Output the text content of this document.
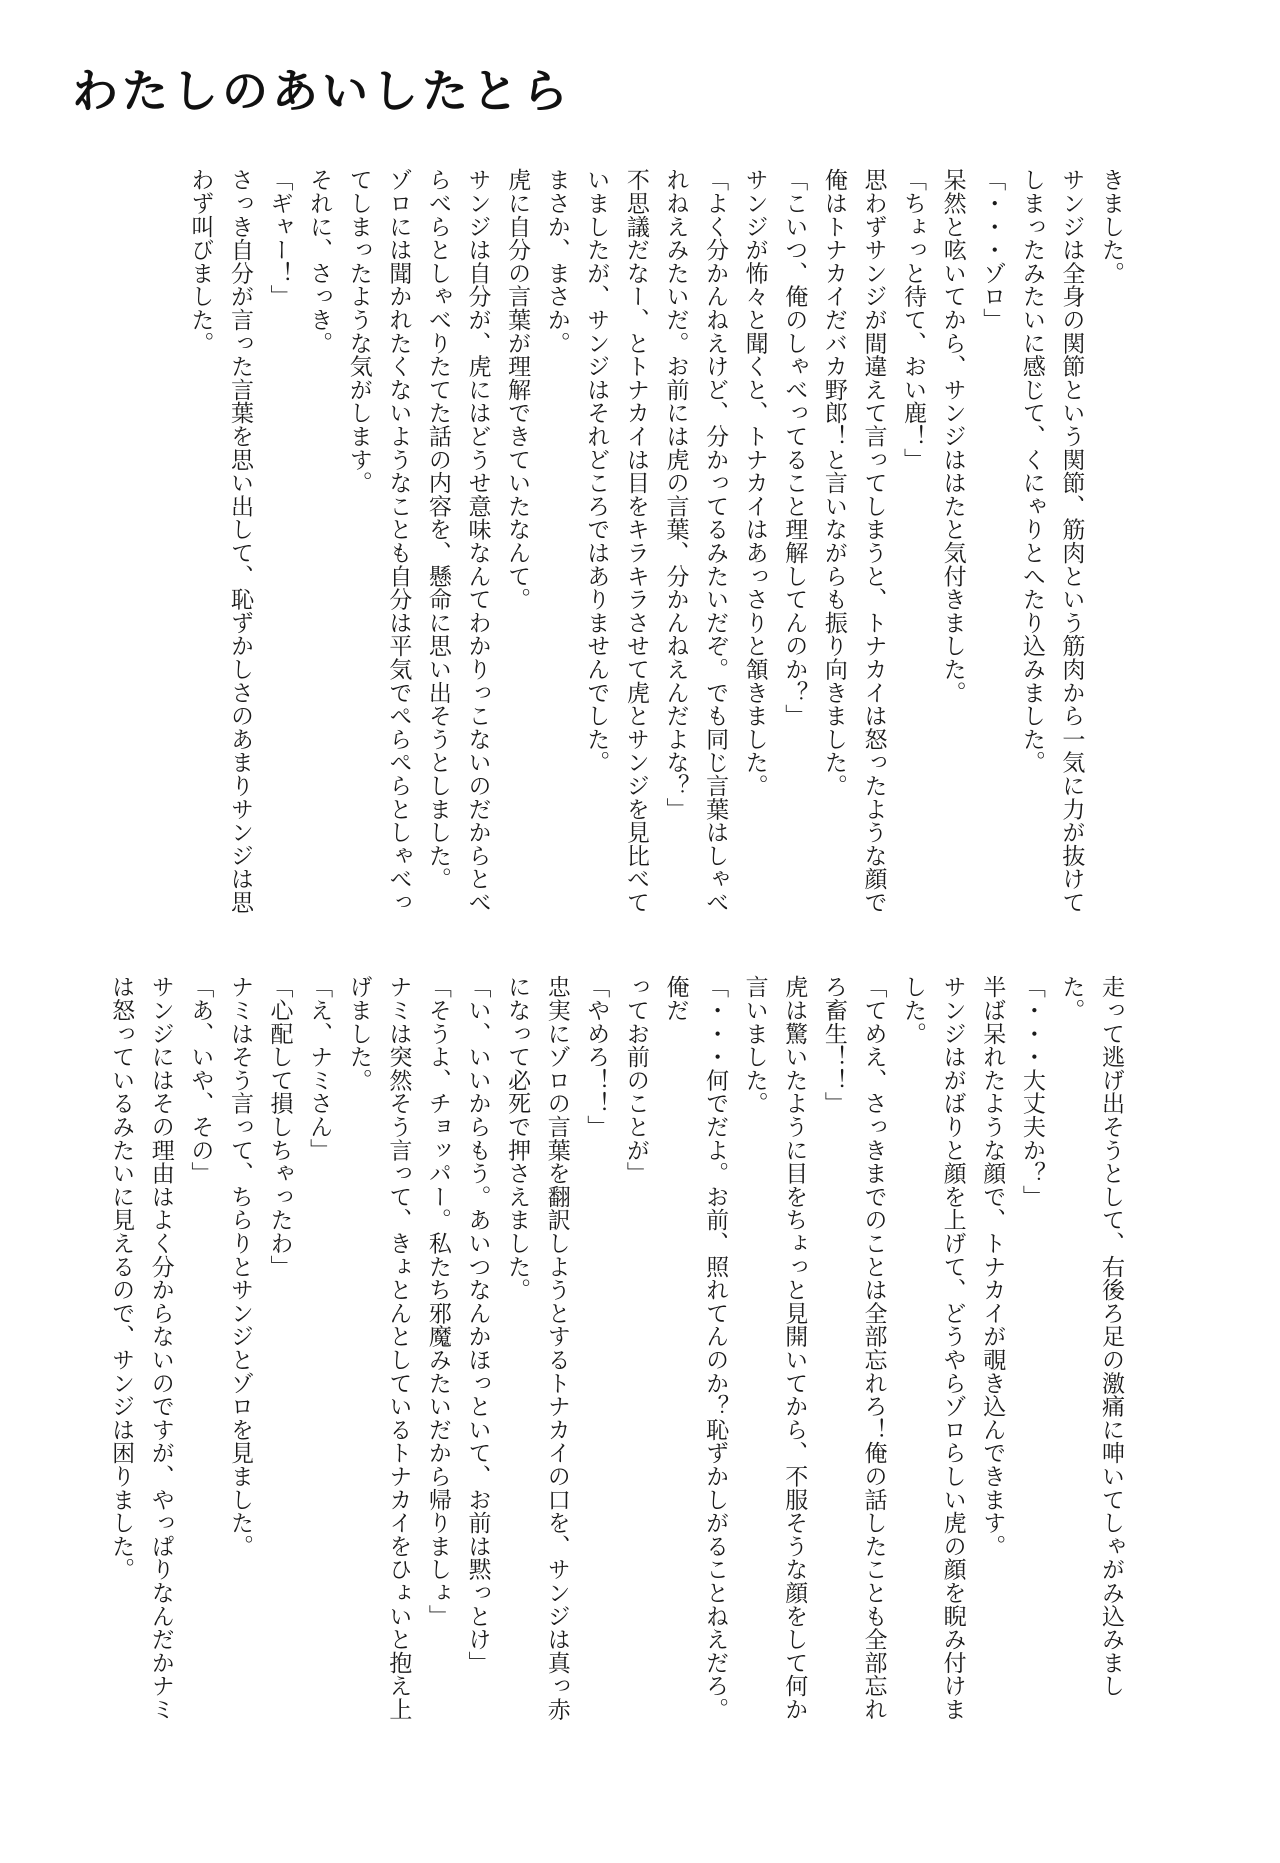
わたしのあいしたとら

きました。

サンジは全身の関節という関節、筋肉という筋肉から一気に力が抜けて

しまったみたいに感じて、くにゃりとへたり込みました。

「・・・ゾロ」

呆然と呟いてから、サンジははたと気付きました。

「ちょっと待て、おい鹿！」

思わずサンジが間違えて言ってしまうと、トナカイは怒ったような顔で

俺はトナカイだバカ野郎！と言いながらも振り向きました。

「こいつ、俺のしゃべってること理解してんのか？」

サンジが怖々と聞くと、トナカイはあっさりと頷きました。

「よく分かんねえけど、分かってるみたいだぞ。でも同じ言葉はしゃべ

れねえみたいだ。お前には虎の言葉、分かんねえんだよな？」

不思議だなー、とトナカイは目をキラキラさせて虎とサンジを見比べて

いましたが、サンジはそれどころではありませんでした。

まさか、まさか。

虎に自分の言葉が理解できていたなんて。

サンジは自分が、虎にはどうせ意味なんてわかりっこないのだからとべ

らべらとしゃべりたてた話の内容を、懸命に思い出そうとしました。

ゾロには聞かれたくないようなことも自分は平気でぺらぺらとしゃべっ

てしまったような気がします。

それに、さっき。

「ギャー！」

さっき自分が言った言葉を思い出して、恥ずかしさのあまりサンジは思

わず叫びました。

走って逃げ出そうとして、右後ろ足の激痛に呻いてしゃがみ込みました。

「・・・大丈夫か？」

半ば呆れたような顔で、トナカイが覗き込んできます。

サンジはがばりと顔を上げて、どうやらゾロらしい虎の顔を睨み付けま

した。

「てめえ、さっきまでのことは全部忘れろ！俺の話したことも全部忘れ

ろ畜生！！」

虎は驚いたように目をちょっと見開いてから、不服そうな顔をして何か

言いました。

「・・・何でだよ。お前、照れてんのか？恥ずかしがることねえだろ。俺だ

ってお前のことが」

「やめろ！！」

忠実にゾロの言葉を翻訳しようとするトナカイの口を、サンジは真っ赤

になって必死で押さえました。

「い、いいからもう。あいつなんかほっといて、お前は黙っとけ」

「そうよ、チョッパー。私たち邪魔みたいだから帰りましょ」

ナミは突然そう言って、きょとんとしているトナカイをひょいと抱え上

げました。

「え、ナミさん」

「心配して損しちゃったわ」

ナミはそう言って、ちらりとサンジとゾロを見ました。

「あ、いや、その」

サンジにはその理由はよく分からないのですが、やっぱりなんだかナミ

は怒っているみたいに見えるので、サンジは困りました。
